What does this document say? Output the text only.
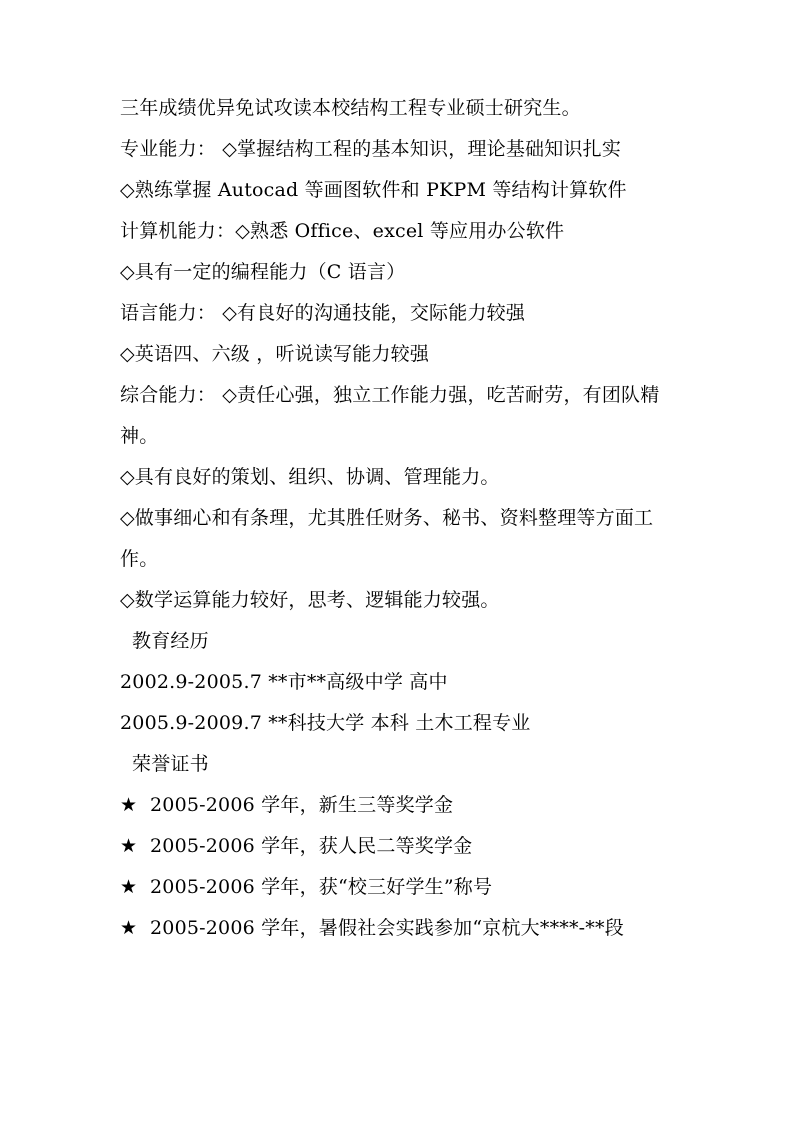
三年成绩优异免试攻读本校结构工程专业硕士研究生。
专业能力： ◇掌握结构工程的基本知识，理论基础知识扎实
◇熟练掌握 Autocad 等画图软件和 PKPM 等结构计算软件
计算机能力：◇熟悉 Office、excel 等应用办公软件
◇具有一定的编程能力（C 语言）
语言能力： ◇有良好的沟通技能，交际能力较强
◇英语四、六级 ，听说读写能力较强
综合能力： ◇责任心强，独立工作能力强，吃苦耐劳，有团队精神。
◇具有良好的策划、组织、协调、管理能力。
◇做事细心和有条理，尤其胜任财务、秘书、资料整理等方面工作。
◇数学运算能力较好，思考、逻辑能力较强。
教育经历
2002.9-2005.7 **市**高级中学 高中
2005.9-2009.7 **科技大学 本科 土木工程专业
荣誉证书
★ 2005-2006 学年，新生三等奖学金
★ 2005-2006 学年，获人民二等奖学金
★ 2005-2006 学年，获“校三好学生”称号
★ 2005-2006 学年，暑假社会实践参加“京杭大****-**段
